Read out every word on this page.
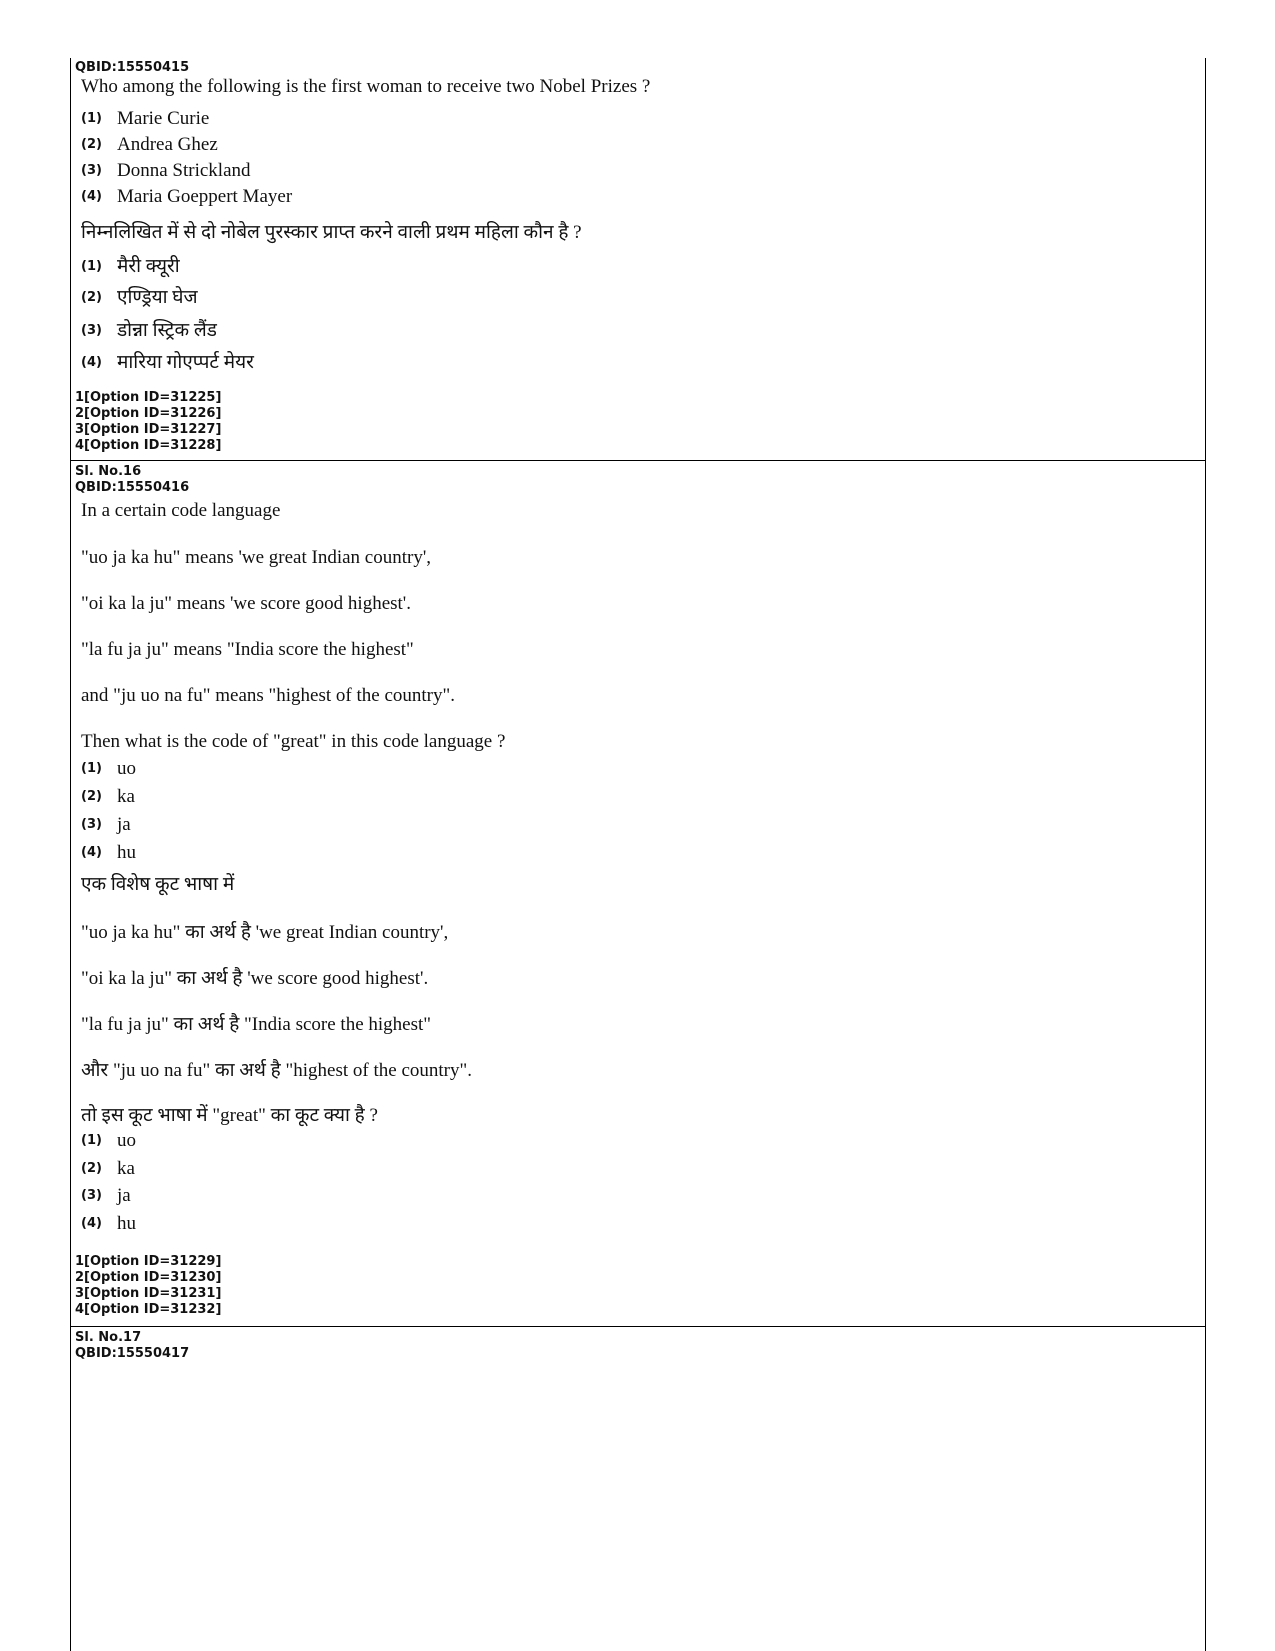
QBID:15550415
Who among the following is the first woman to receive two Nobel Prizes ?
(1) Marie Curie
(2) Andrea Ghez
(3) Donna Strickland
(4) Maria Goeppert Mayer
निम्नलिखित में से दो नोबेल पुरस्कार प्राप्त करने वाली प्रथम महिला कौन है ?
(1) मैरी क्यूरी
(2) एण्ड्रिया घेज
(3) डोन्ना स्ट्रिक लैंड
(4) मारिया गोएप्पर्ट मेयर
1[Option ID=31225]
2[Option ID=31226]
3[Option ID=31227]
4[Option ID=31228]
Sl. No.16
QBID:15550416
In a certain code language
"uo ja ka hu" means 'we great Indian country',
"oi ka la ju" means 'we score good highest'.
"la fu ja ju" means "India score the highest"
and "ju uo na fu" means "highest of the country".
Then what is the code of "great" in this code language ?
(1) uo
(2) ka
(3) ja
(4) hu
एक विशेष कूट भाषा में
"uo ja ka hu" का अर्थ है 'we great Indian country',
"oi ka la ju" का अर्थ है 'we score good highest'.
"la fu ja ju" का अर्थ है "India score the highest"
और "ju uo na fu" का अर्थ है "highest of the country".
तो इस कूट भाषा में "great" का कूट क्या है ?
(1) uo
(2) ka
(3) ja
(4) hu
1[Option ID=31229]
2[Option ID=31230]
3[Option ID=31231]
4[Option ID=31232]
Sl. No.17
QBID:15550417
